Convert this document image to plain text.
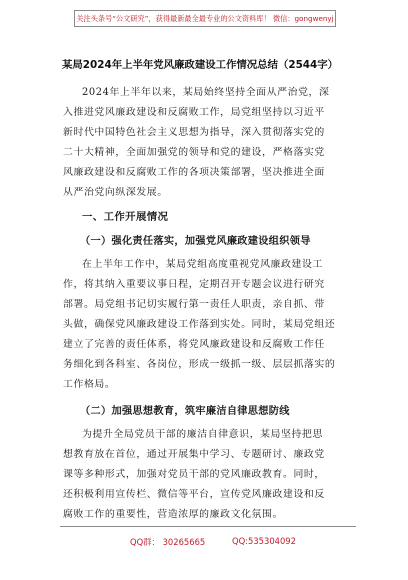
关注头条号“公文研究”，获得最新最全最专业的公文资料库！ 微信：gongwenyj
某局2024年上半年党风廉政建设工作情况总结（2544字）
2024年上半年以来，某局始终坚持全面从严治党，深
入推进党风廉政建设和反腐败工作，局党组坚持以习近平
新时代中国特色社会主义思想为指导，深入贯彻落实党的
二十大精神，全面加强党的领导和党的建设，严格落实党
风廉政建设和反腐败工作的各项决策部署，坚决推进全面
从严治党向纵深发展。
一、工作开展情况
（一）强化责任落实，加强党风廉政建设组织领导
在上半年工作中，某局党组高度重视党风廉政建设工
作，将其纳入重要议事日程，定期召开专题会议进行研究
部署。局党组书记切实履行第一责任人职责，亲自抓、带
头做，确保党风廉政建设工作落到实处。同时，某局党组还
建立了完善的责任体系，将党风廉政建设和反腐败工作任
务细化到各科室、各岗位，形成一级抓一级、层层抓落实的
工作格局。
（二）加强思想教育，筑牢廉洁自律思想防线
为提升全局党员干部的廉洁自律意识，某局坚持把思
想教育放在首位，通过开展集中学习、专题研讨、廉政党
课等多种形式，加强对党员干部的党风廉政教育。同时，
还积极利用宣传栏、微信等平台，宣传党风廉政建设和反
腐败工作的重要性，营造浓厚的廉政文化氛围。
QQ群： 30265665	QQ:535304092
